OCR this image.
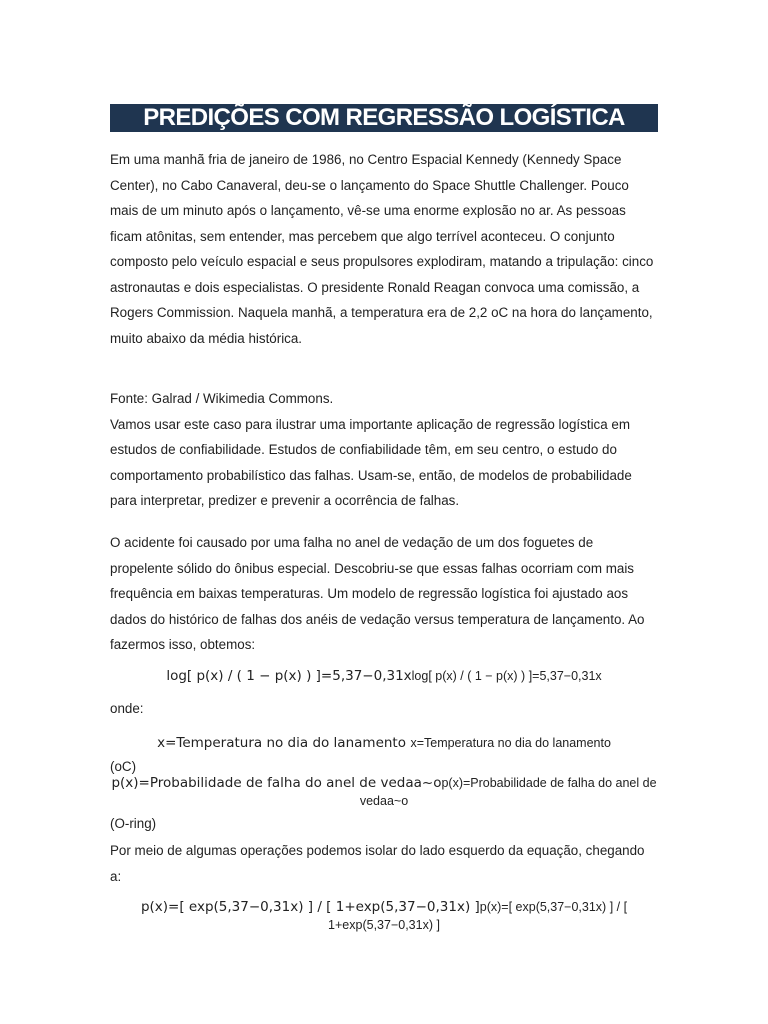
PREDIÇÕES COM REGRESSÃO LOGÍSTICA
Em uma manhã fria de janeiro de 1986, no Centro Espacial Kennedy (Kennedy Space Center), no Cabo Canaveral, deu-se o lançamento do Space Shuttle Challenger. Pouco mais de um minuto após o lançamento, vê-se uma enorme explosão no ar. As pessoas ficam atônitas, sem entender, mas percebem que algo terrível aconteceu. O conjunto composto pelo veículo espacial e seus propulsores explodiram, matando a tripulação: cinco astronautas e dois especialistas. O presidente Ronald Reagan convoca uma comissão, a Rogers Commission. Naquela manhã, a temperatura era de 2,2 oC na hora do lançamento, muito abaixo da média histórica.
Fonte: Galrad / Wikimedia Commons.
Vamos usar este caso para ilustrar uma importante aplicação de regressão logística em estudos de confiabilidade. Estudos de confiabilidade têm, em seu centro, o estudo do comportamento probabilístico das falhas. Usam-se, então, de modelos de probabilidade para interpretar, predizer e prevenir a ocorrência de falhas.
O acidente foi causado por uma falha no anel de vedação de um dos foguetes de propelente sólido do ônibus especial. Descobriu-se que essas falhas ocorriam com mais frequência em baixas temperaturas. Um modelo de regressão logística foi ajustado aos dados do histórico de falhas dos anéis de vedação versus temperatura de lançamento. Ao fazermos isso, obtemos:
log[ p(x) / ( 1 − p(x) ) ]=5,37−0,31xlog[ p(x) / ( 1 − p(x) ) ]=5,37−0,31x
onde:
x=Temperatura no dia do lanamento x=Temperatura no dia do lanamento
(oC)
p(x)=Probabilidade de falha do anel de vedaa~op(x)=Probabilidade de falha do anel de vedaa~o
(O-ring)
Por meio de algumas operações podemos isolar do lado esquerdo da equação, chegando a:
p(x)=[ exp(5,37−0,31x) ] / [ 1+exp(5,37−0,31x) ]p(x)=[ exp(5,37−0,31x) ] / [ 1+exp(5,37−0,31x) ]
